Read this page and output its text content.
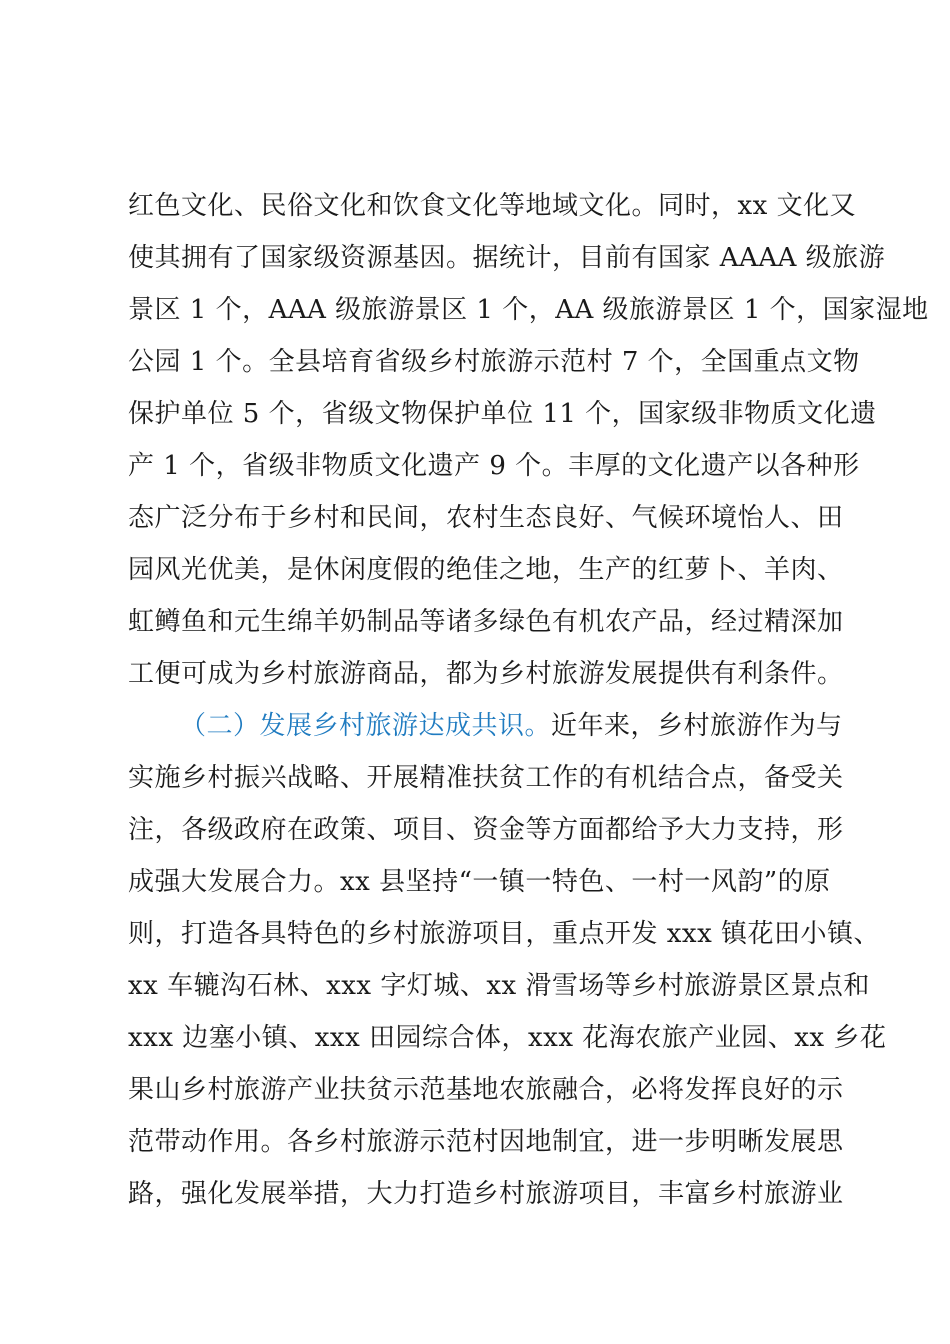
红色文化、民俗文化和饮食文化等地域文化。同时，xx 文化又
使其拥有了国家级资源基因。据统计，目前有国家 AAAA 级旅游
景区 1 个，AAA 级旅游景区 1 个，AA 级旅游景区 1 个，国家湿地
公园 1 个。全县培育省级乡村旅游示范村 7 个，全国重点文物
保护单位 5 个，省级文物保护单位 11 个，国家级非物质文化遗
产 1 个，省级非物质文化遗产 9 个。丰厚的文化遗产以各种形
态广泛分布于乡村和民间，农村生态良好、气候环境怡人、田
园风光优美，是休闲度假的绝佳之地，生产的红萝卜、羊肉、
虹鳟鱼和元生绵羊奶制品等诸多绿色有机农产品，经过精深加
工便可成为乡村旅游商品，都为乡村旅游发展提供有利条件。
（二）发展乡村旅游达成共识。近年来，乡村旅游作为与
实施乡村振兴战略、开展精准扶贫工作的有机结合点，备受关
注，各级政府在政策、项目、资金等方面都给予大力支持，形
成强大发展合力。xx 县坚持“一镇一特色、一村一风韵”的原
则，打造各具特色的乡村旅游项目，重点开发 xxx 镇花田小镇、
xx 车辘沟石林、xxx 字灯城、xx 滑雪场等乡村旅游景区景点和
xxx 边塞小镇、xxx 田园综合体，xxx 花海农旅产业园、xx 乡花
果山乡村旅游产业扶贫示范基地农旅融合，必将发挥良好的示
范带动作用。各乡村旅游示范村因地制宜，进一步明晰发展思
路，强化发展举措，大力打造乡村旅游项目，丰富乡村旅游业
